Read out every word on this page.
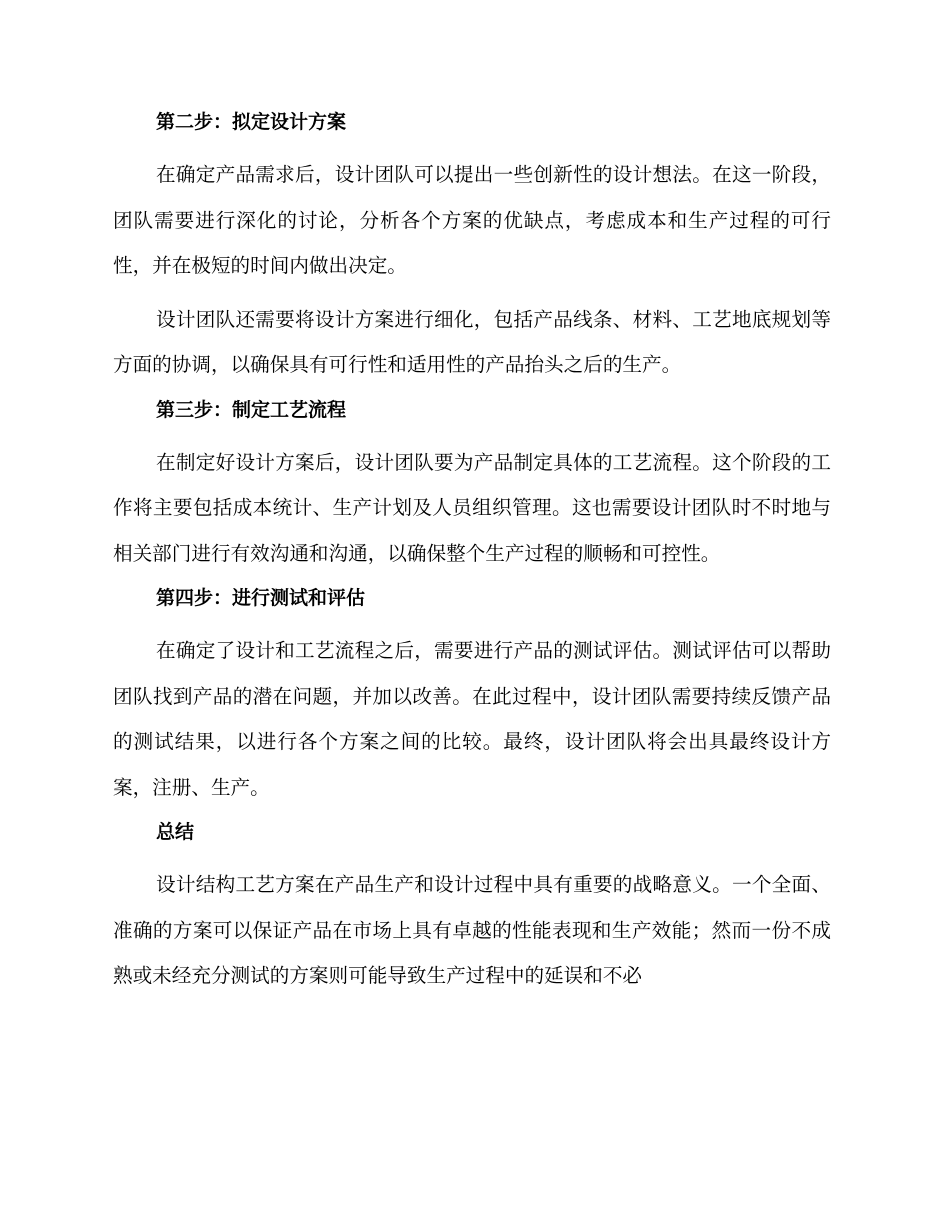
第二步：拟定设计方案

在确定产品需求后，设计团队可以提出一些创新性的设计想法。在这一阶段，团队需要进行深化的讨论，分析各个方案的优缺点，考虑成本和生产过程的可行性，并在极短的时间内做出决定。

设计团队还需要将设计方案进行细化，包括产品线条、材料、工艺地底规划等方面的协调，以确保具有可行性和适用性的产品抬头之后的生产。

第三步：制定工艺流程

在制定好设计方案后，设计团队要为产品制定具体的工艺流程。这个阶段的工作将主要包括成本统计、生产计划及人员组织管理。这也需要设计团队时不时地与相关部门进行有效沟通和沟通，以确保整个生产过程的顺畅和可控性。

第四步：进行测试和评估

在确定了设计和工艺流程之后，需要进行产品的测试评估。测试评估可以帮助团队找到产品的潜在问题，并加以改善。在此过程中，设计团队需要持续反馈产品的测试结果，以进行各个方案之间的比较。最终，设计团队将会出具最终设计方案，注册、生产。

总结

设计结构工艺方案在产品生产和设计过程中具有重要的战略意义。一个全面、准确的方案可以保证产品在市场上具有卓越的性能表现和生产效能；然而一份不成熟或未经充分测试的方案则可能导致生产过程中的延误和不必
